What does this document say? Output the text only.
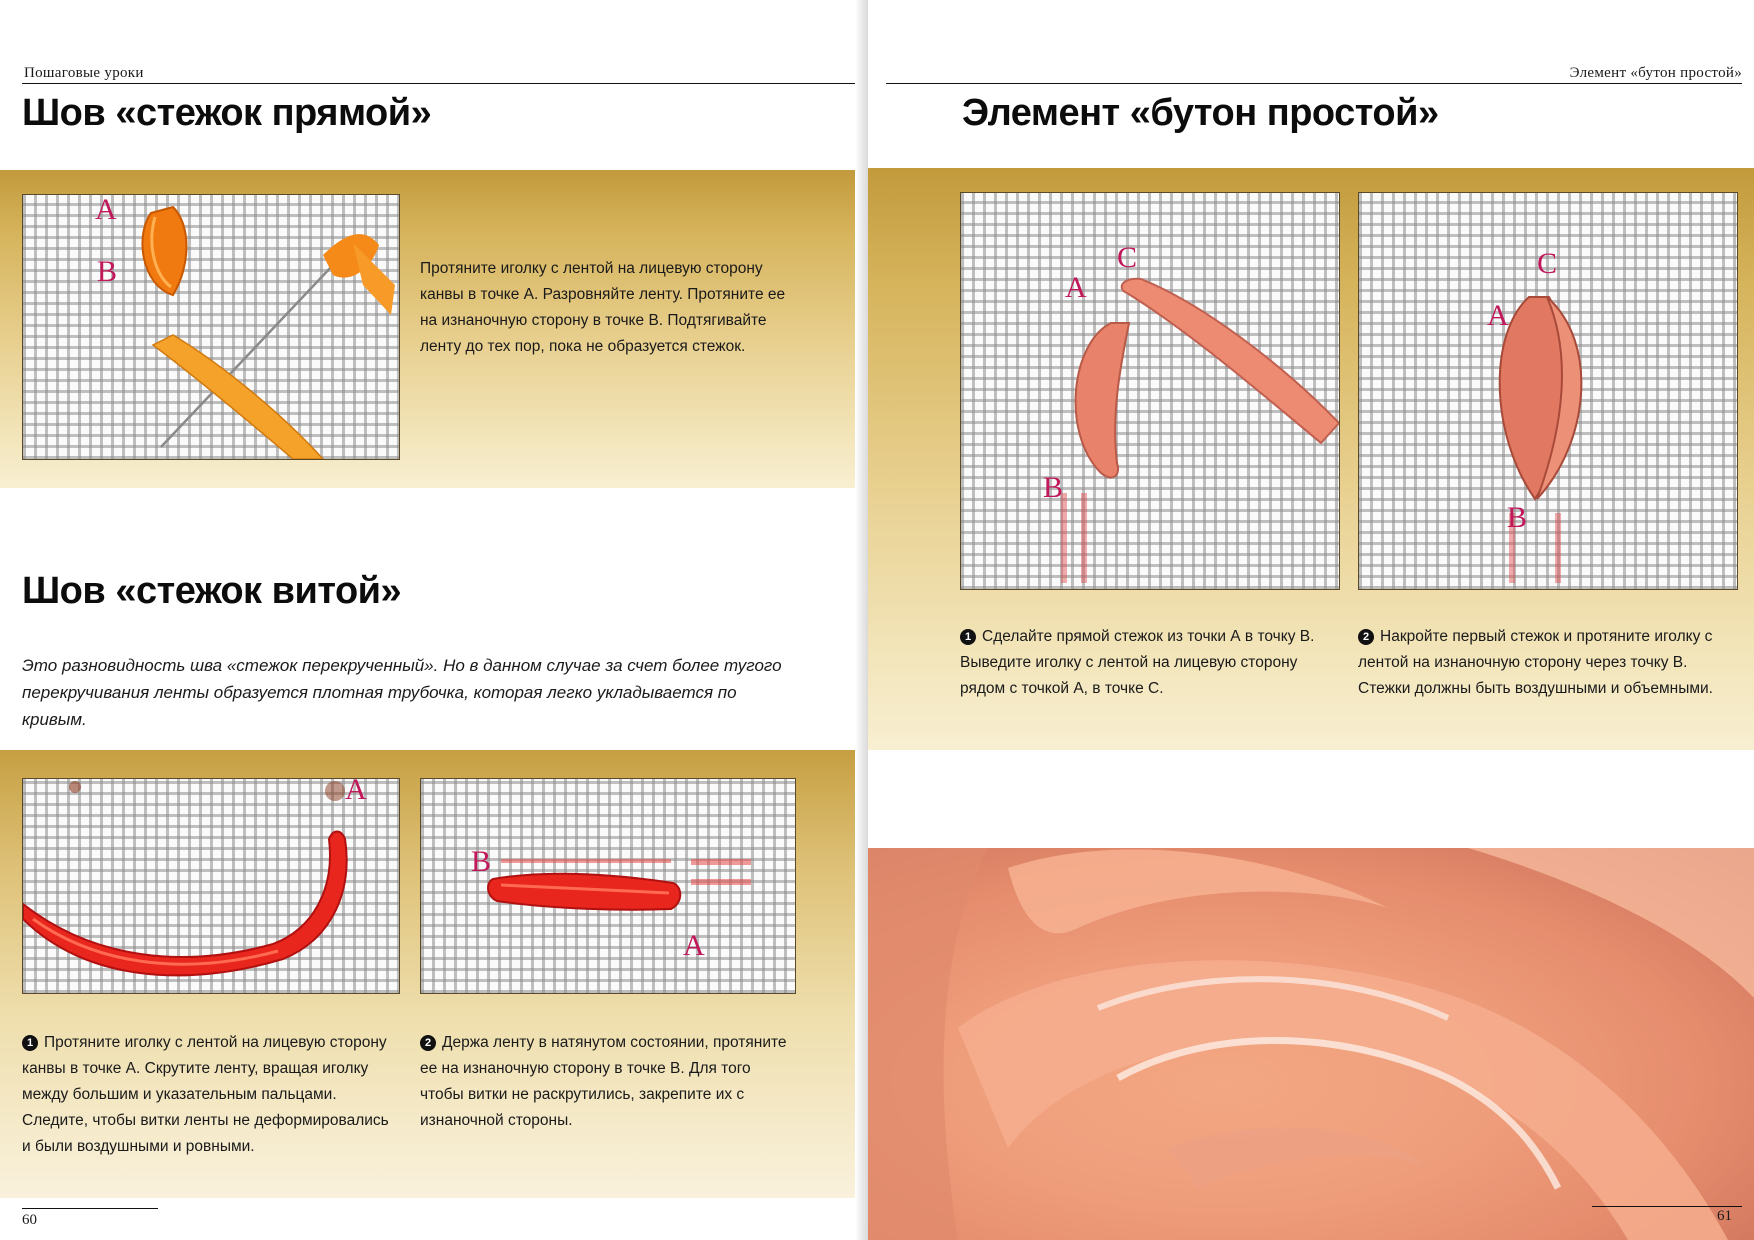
Пошаговые уроки
Шов «стежок прямой»
A
B	Протяните иголку с лентой на лицевую сторону канвы в точке А. Разровняйте ленту. Протяните ее на изнаночную сторону в точке В. Подтягивайте ленту до тех пор, пока не образуется стежок.

Шов «стежок витой»

Это разновидность шва «стежок перекрученный». Но в данном случае за счет более тугого перекручивания ленты образуется плотная трубочка, которая легко укладывается по кривым.

A
B
A

1 Протяните иголку с лентой на лицевую сторону канвы в точке А. Скрутите ленту, вращая иголку между большим и указательным пальцами. Следите, чтобы витки ленты не деформировались и были воздушными и ровными.

2 Держа ленту в натянутом состоянии, протяните ее на изнаночную сторону в точке В. Для того чтобы витки не раскрутились, закрепите их с изнаночной стороны.

60
Элемент «бутон простой»
Элемент «бутон простой»
C
A
B
C
A
B

1 Сделайте прямой стежок из точки А в точку В. Выведите иголку с лентой на лицевую сторону рядом с точкой А, в точке С.

2 Накройте первый стежок и протяните иголку с лентой на изнаночную сторону через точку В. Стежки должны быть воздушными и объемными.

61
